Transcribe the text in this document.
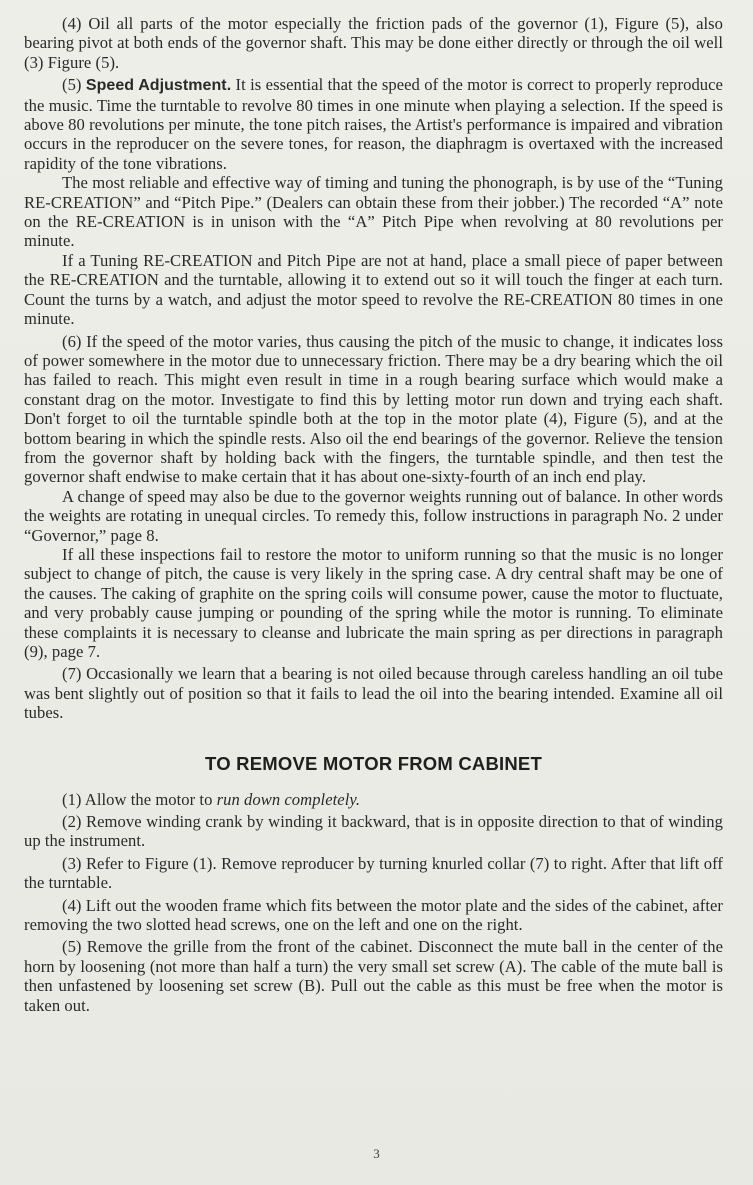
(4) Oil all parts of the motor especially the friction pads of the governor (1), Figure (5), also bearing pivot at both ends of the governor shaft. This may be done either directly or through the oil well (3) Figure (5).

(5) Speed Adjustment. It is essential that the speed of the motor is correct to properly reproduce the music. Time the turntable to revolve 80 times in one minute when playing a selection. If the speed is above 80 revolutions per minute, the tone pitch raises, the Artist's performance is impaired and vibration occurs in the reproducer on the severe tones, for reason, the diaphragm is overtaxed with the increased rapidity of the tone vibrations.

The most reliable and effective way of timing and tuning the phonograph, is by use of the “Tuning RE-CREATION” and “Pitch Pipe.” (Dealers can obtain these from their jobber.) The recorded “A” note on the RE-CREATION is in unison with the “A” Pitch Pipe when revolving at 80 revolutions per minute.

If a Tuning RE-CREATION and Pitch Pipe are not at hand, place a small piece of paper between the RE-CREATION and the turntable, allowing it to extend out so it will touch the finger at each turn. Count the turns by a watch, and adjust the motor speed to revolve the RE-CREATION 80 times in one minute.

(6) If the speed of the motor varies, thus causing the pitch of the music to change, it indicates loss of power somewhere in the motor due to unnecessary friction. There may be a dry bearing which the oil has failed to reach. This might even result in time in a rough bearing surface which would make a constant drag on the motor. Investigate to find this by letting motor run down and trying each shaft. Don't forget to oil the turntable spindle both at the top in the motor plate (4), Figure (5), and at the bottom bearing in which the spindle rests. Also oil the end bearings of the governor. Relieve the tension from the governor shaft by holding back with the fingers, the turntable spindle, and then test the governor shaft endwise to make certain that it has about one-sixty-fourth of an inch end play.

A change of speed may also be due to the governor weights running out of balance. In other words the weights are rotating in unequal circles. To remedy this, follow instructions in paragraph No. 2 under “Governor,” page 8.

If all these inspections fail to restore the motor to uniform running so that the music is no longer subject to change of pitch, the cause is very likely in the spring case. A dry central shaft may be one of the causes. The caking of graphite on the spring coils will consume power, cause the motor to fluctuate, and very probably cause jumping or pounding of the spring while the motor is running. To eliminate these complaints it is necessary to cleanse and lubricate the main spring as per directions in paragraph (9), page 7.

(7) Occasionally we learn that a bearing is not oiled because through careless handling an oil tube was bent slightly out of position so that it fails to lead the oil into the bearing intended. Examine all oil tubes.

TO REMOVE MOTOR FROM CABINET

(1) Allow the motor to run down completely.

(2) Remove winding crank by winding it backward, that is in opposite direction to that of winding up the instrument.

(3) Refer to Figure (1). Remove reproducer by turning knurled collar (7) to right. After that lift off the turntable.

(4) Lift out the wooden frame which fits between the motor plate and the sides of the cabinet, after removing the two slotted head screws, one on the left and one on the right.

(5) Remove the grille from the front of the cabinet. Disconnect the mute ball in the center of the horn by loosening (not more than half a turn) the very small set screw (A). The cable of the mute ball is then unfastened by loosening set screw (B). Pull out the cable as this must be free when the motor is taken out.

3
